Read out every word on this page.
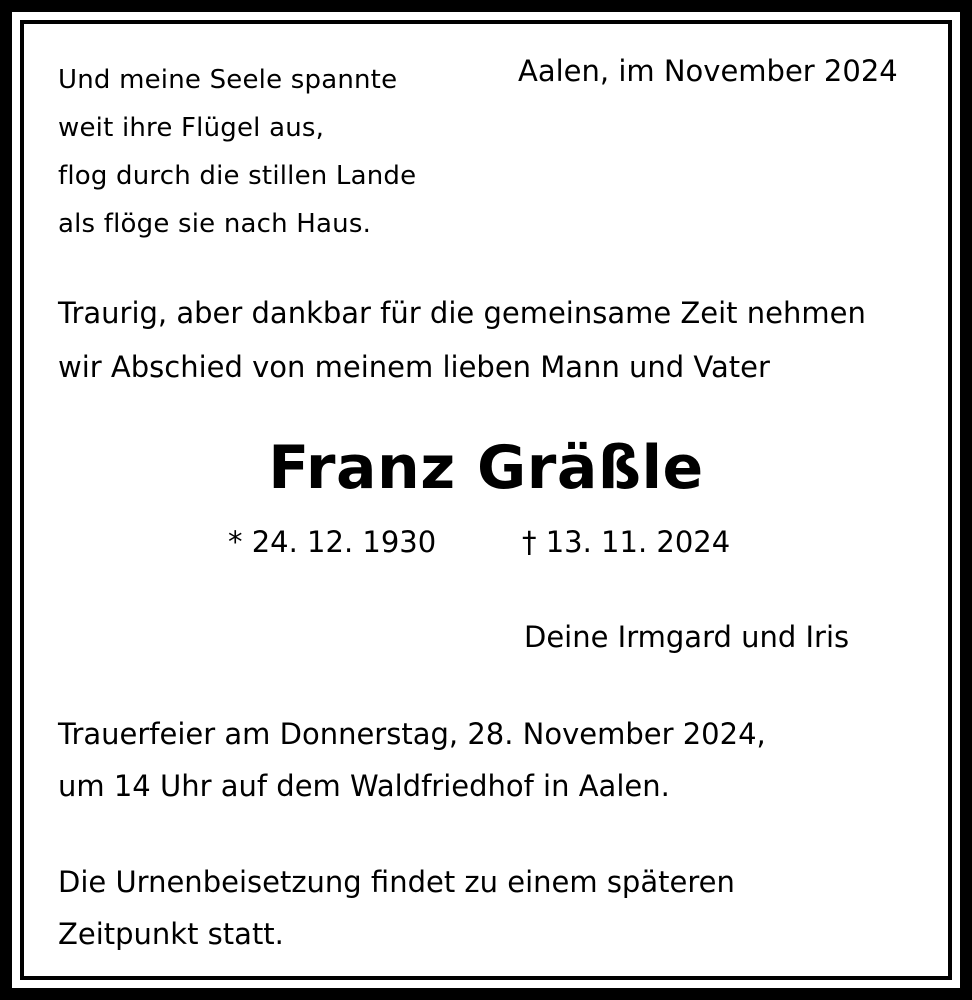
Und meine Seele spannte
weit ihre Flügel aus,
flog durch die stillen Lande
als flöge sie nach Haus.
Aalen, im November 2024
Traurig, aber dankbar für die gemeinsame Zeit nehmen
wir Abschied von meinem lieben Mann und Vater
Franz Gräßle
* 24. 12. 1930	† 13. 11. 2024
Deine Irmgard und Iris
Trauerfeier am Donnerstag, 28. November 2024,
um 14 Uhr auf dem Waldfriedhof in Aalen.
Die Urnenbeisetzung findet zu einem späteren
Zeitpunkt statt.
